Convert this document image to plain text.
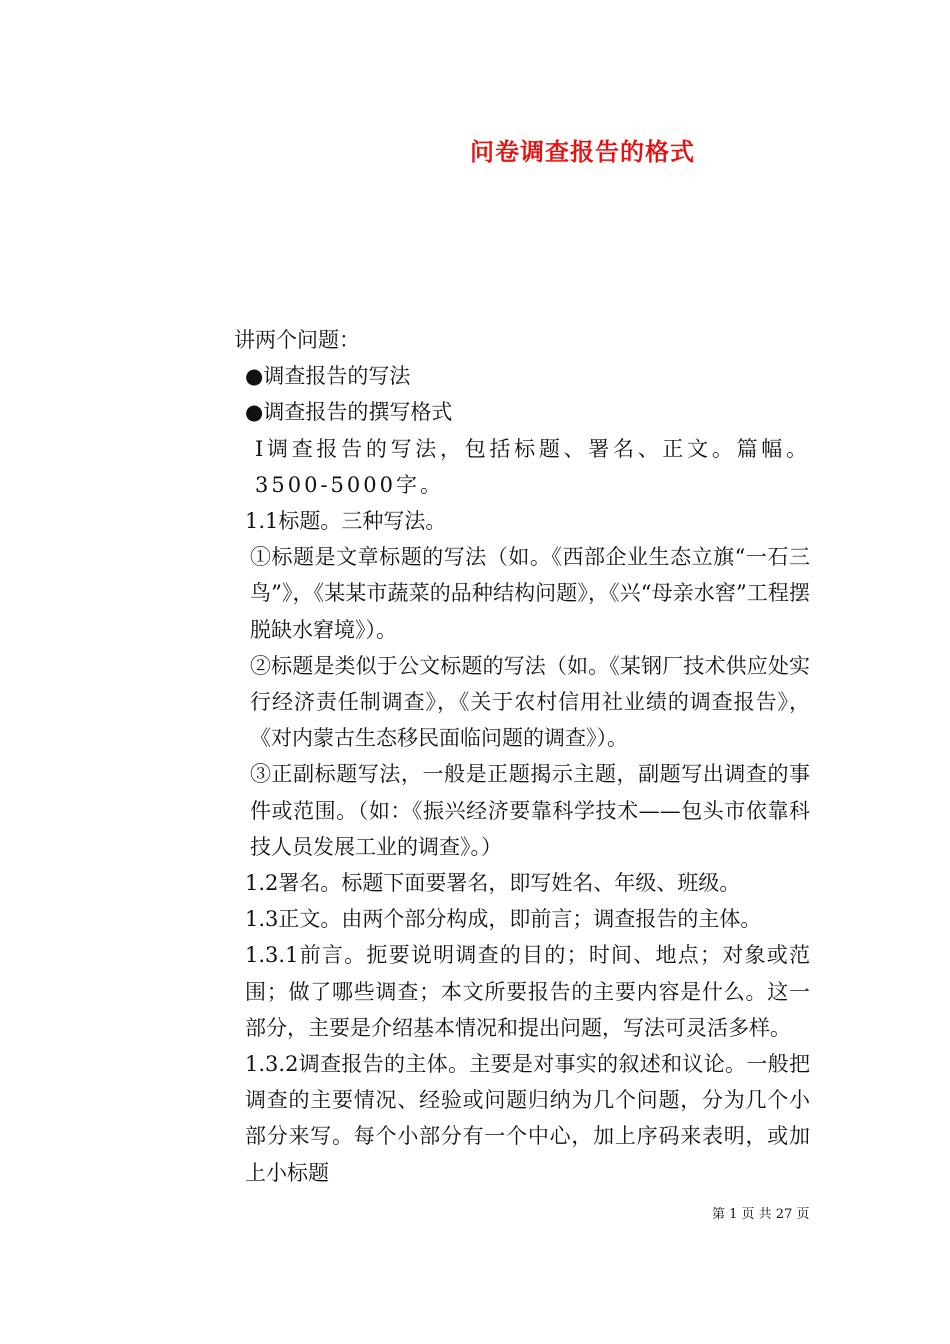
问卷调查报告的格式

讲两个问题：

●调查报告的写法

●调查报告的撰写格式

Ⅰ调查报告的写法，包括标题、署名、正文。篇幅。3500-5000字。

1.1标题。三种写法。

①标题是文章标题的写法（如。《西部企业生态立旗“一石三鸟”》，《某某市蔬菜的品种结构问题》，《兴“母亲水窖”工程摆脱缺水窘境》）。

②标题是类似于公文标题的写法（如。《某钢厂技术供应处实行经济责任制调查》，《关于农村信用社业绩的调查报告》，《对内蒙古生态移民面临问题的调查》）。

③正副标题写法，一般是正题揭示主题，副题写出调查的事件或范围。（如：《振兴经济要靠科学技术——包头市依靠科技人员发展工业的调查》。）

1.2署名。标题下面要署名，即写姓名、年级、班级。

1.3正文。由两个部分构成，即前言；调查报告的主体。

1.3.1前言。扼要说明调查的目的；时间、地点；对象或范围；做了哪些调查；本文所要报告的主要内容是什么。这一部分，主要是介绍基本情况和提出问题，写法可灵活多样。

1.3.2调查报告的主体。主要是对事实的叙述和议论。一般把调查的主要情况、经验或问题归纳为几个问题，分为几个小部分来写。每个小部分有一个中心，加上序码来表明，或加上小标题

第 1 页 共 27 页
